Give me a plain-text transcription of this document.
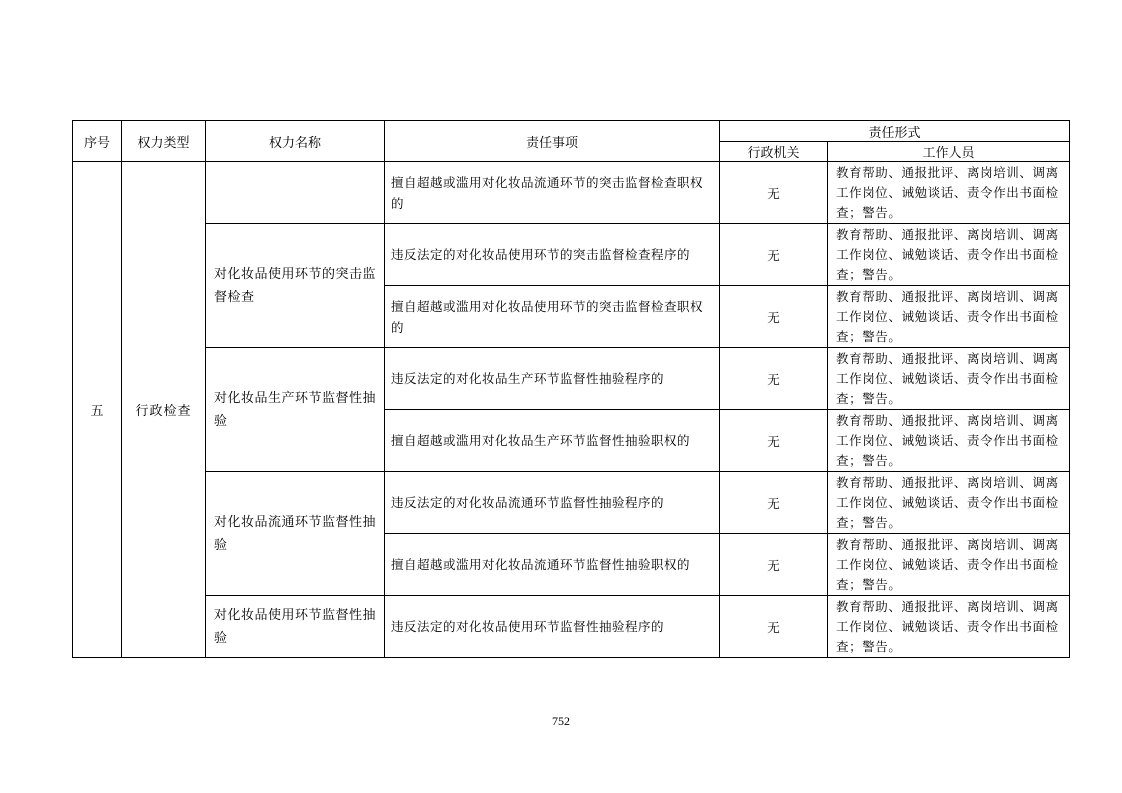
序号	权力类型	权力名称	责任事项	责任形式	
				行政机关	工作人员
五	行政检查		擅自超越或滥用对化妆品流通环节的突击监督检查职权的	无	教育帮助、通报批评、离岗培训、调离工作岗位、诫勉谈话、责令作出书面检查；警告。
		对化妆品使用环节的突击监督检查	违反法定的对化妆品使用环节的突击监督检查程序的	无	教育帮助、通报批评、离岗培训、调离工作岗位、诫勉谈话、责令作出书面检查；警告。
			擅自超越或滥用对化妆品使用环节的突击监督检查职权的	无	教育帮助、通报批评、离岗培训、调离工作岗位、诫勉谈话、责令作出书面检查；警告。
		对化妆品生产环节监督性抽验	违反法定的对化妆品生产环节监督性抽验程序的	无	教育帮助、通报批评、离岗培训、调离工作岗位、诫勉谈话、责令作出书面检查；警告。
			擅自超越或滥用对化妆品生产环节监督性抽验职权的	无	教育帮助、通报批评、离岗培训、调离工作岗位、诫勉谈话、责令作出书面检查；警告。
		对化妆品流通环节监督性抽验	违反法定的对化妆品流通环节监督性抽验程序的	无	教育帮助、通报批评、离岗培训、调离工作岗位、诫勉谈话、责令作出书面检查；警告。
			擅自超越或滥用对化妆品流通环节监督性抽验职权的	无	教育帮助、通报批评、离岗培训、调离工作岗位、诫勉谈话、责令作出书面检查；警告。
		对化妆品使用环节监督性抽验	违反法定的对化妆品使用环节监督性抽验程序的	无	教育帮助、通报批评、离岗培训、调离工作岗位、诫勉谈话、责令作出书面检查；警告。
752
